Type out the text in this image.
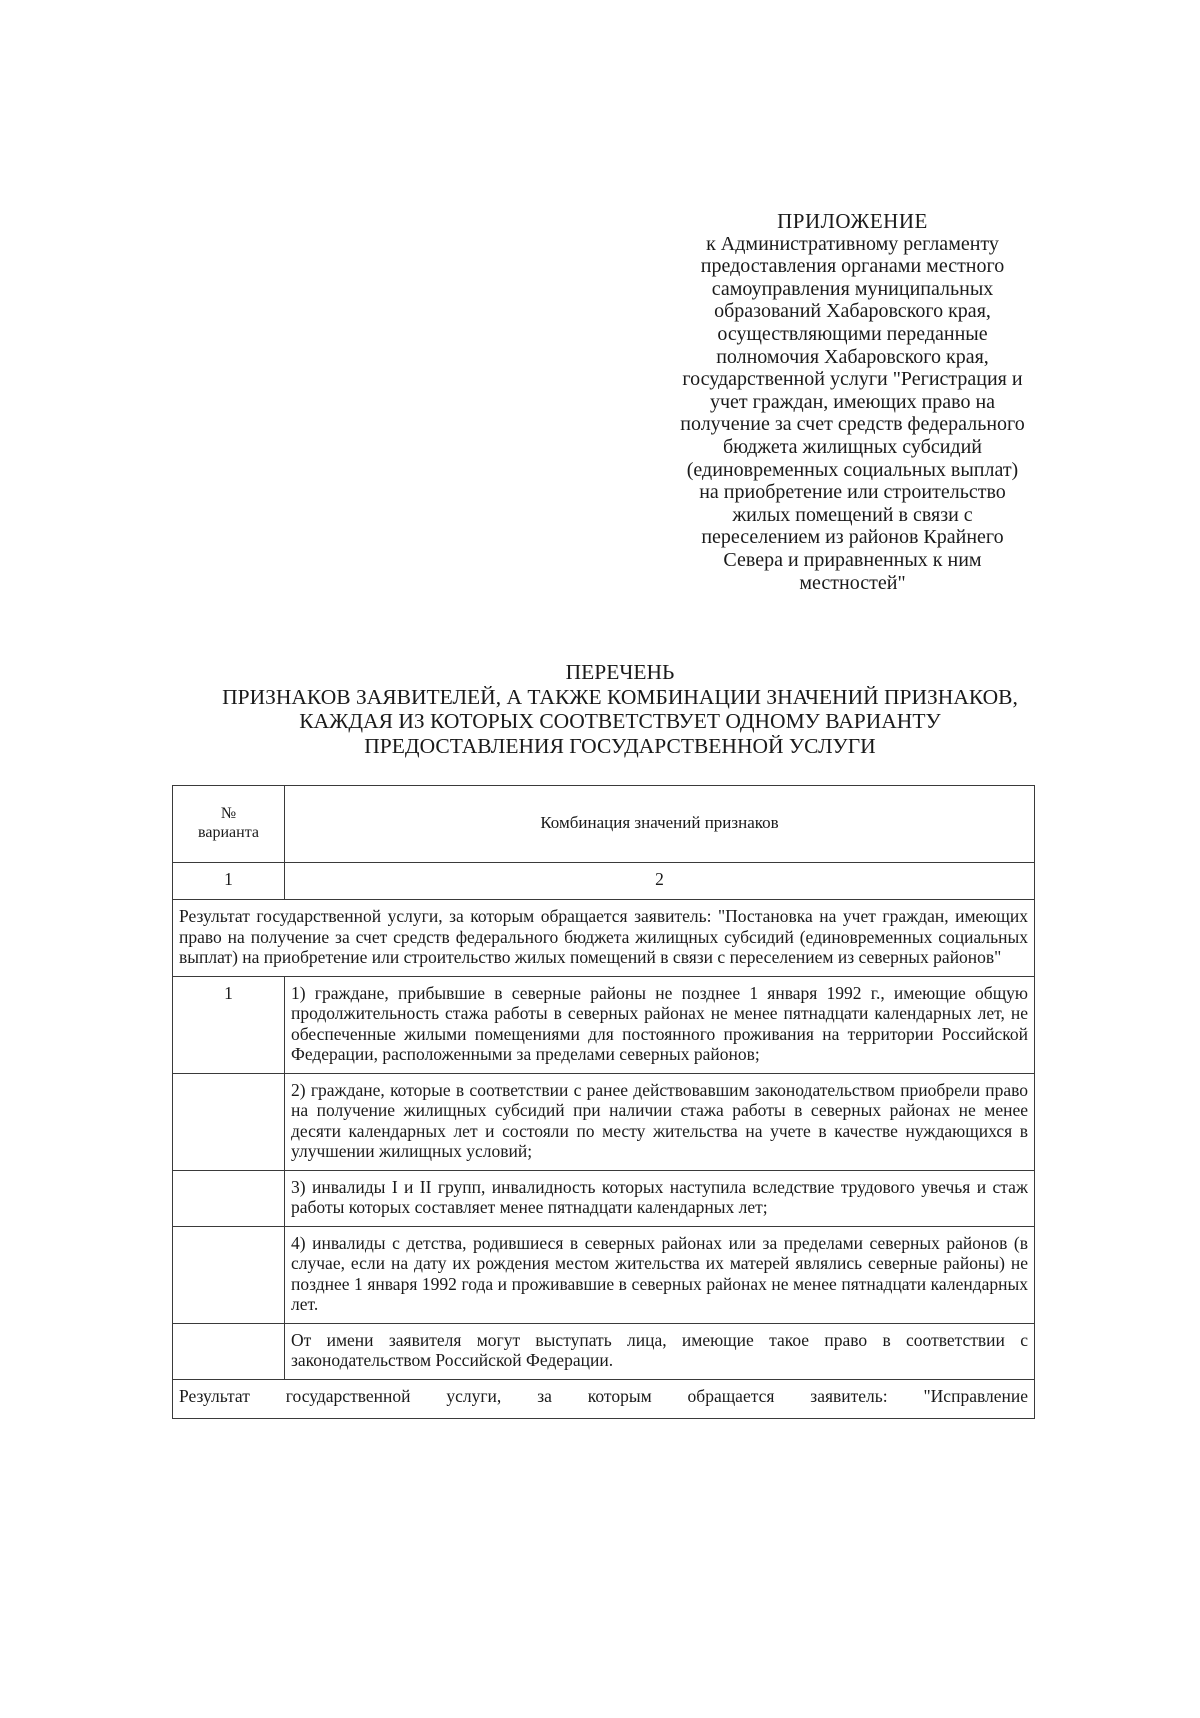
ПРИЛОЖЕНИЕ
к Административному регламенту
предоставления органами местного
самоуправления муниципальных
образований Хабаровского края,
осуществляющими переданные
полномочия Хабаровского края,
государственной услуги "Регистрация и
учет граждан, имеющих право на
получение за счет средств федерального
бюджета жилищных субсидий
(единовременных социальных выплат)
на приобретение или строительство
жилых помещений в связи с
переселением из районов Крайнего
Севера и приравненных к ним
местностей"
ПЕРЕЧЕНЬ
ПРИЗНАКОВ ЗАЯВИТЕЛЕЙ, А ТАКЖЕ КОМБИНАЦИИ ЗНАЧЕНИЙ ПРИЗНАКОВ,
КАЖДАЯ ИЗ КОТОРЫХ СООТВЕТСТВУЕТ ОДНОМУ ВАРИАНТУ
ПРЕДОСТАВЛЕНИЯ ГОСУДАРСТВЕННОЙ УСЛУГИ
№
варианта	Комбинация значений признаков
1	2
Результат государственной услуги, за которым обращается заявитель: "Постановка на учет граждан, имеющих право на получение за счет средств федерального бюджета жилищных субсидий (единовременных социальных выплат) на приобретение или строительство жилых помещений в связи с переселением из северных районов"	
1	1) граждане, прибывшие в северные районы не позднее 1 января 1992 г., имеющие общую продолжительность стажа работы в северных районах не менее пятнадцати календарных лет, не обеспеченные жилыми помещениями для постоянного проживания на территории Российской Федерации, расположенными за пределами северных районов;
	2) граждане, которые в соответствии с ранее действовавшим законодательством приобрели право на получение жилищных субсидий при наличии стажа работы в северных районах не менее десяти календарных лет и состояли по месту жительства на учете в качестве нуждающихся в улучшении жилищных условий;
	3) инвалиды I и II групп, инвалидность которых наступила вследствие трудового увечья и стаж работы которых составляет менее пятнадцати календарных лет;
	4) инвалиды с детства, родившиеся в северных районах или за пределами северных районов (в случае, если на дату их рождения местом жительства их матерей являлись северные районы) не позднее 1 января 1992 года и проживавшие в северных районах не менее пятнадцати календарных лет.
	От имени заявителя могут выступать лица, имеющие такое право в соответствии с законодательством Российской Федерации.

Результат государственной услуги, за которым обращается заявитель: "Исправление	
